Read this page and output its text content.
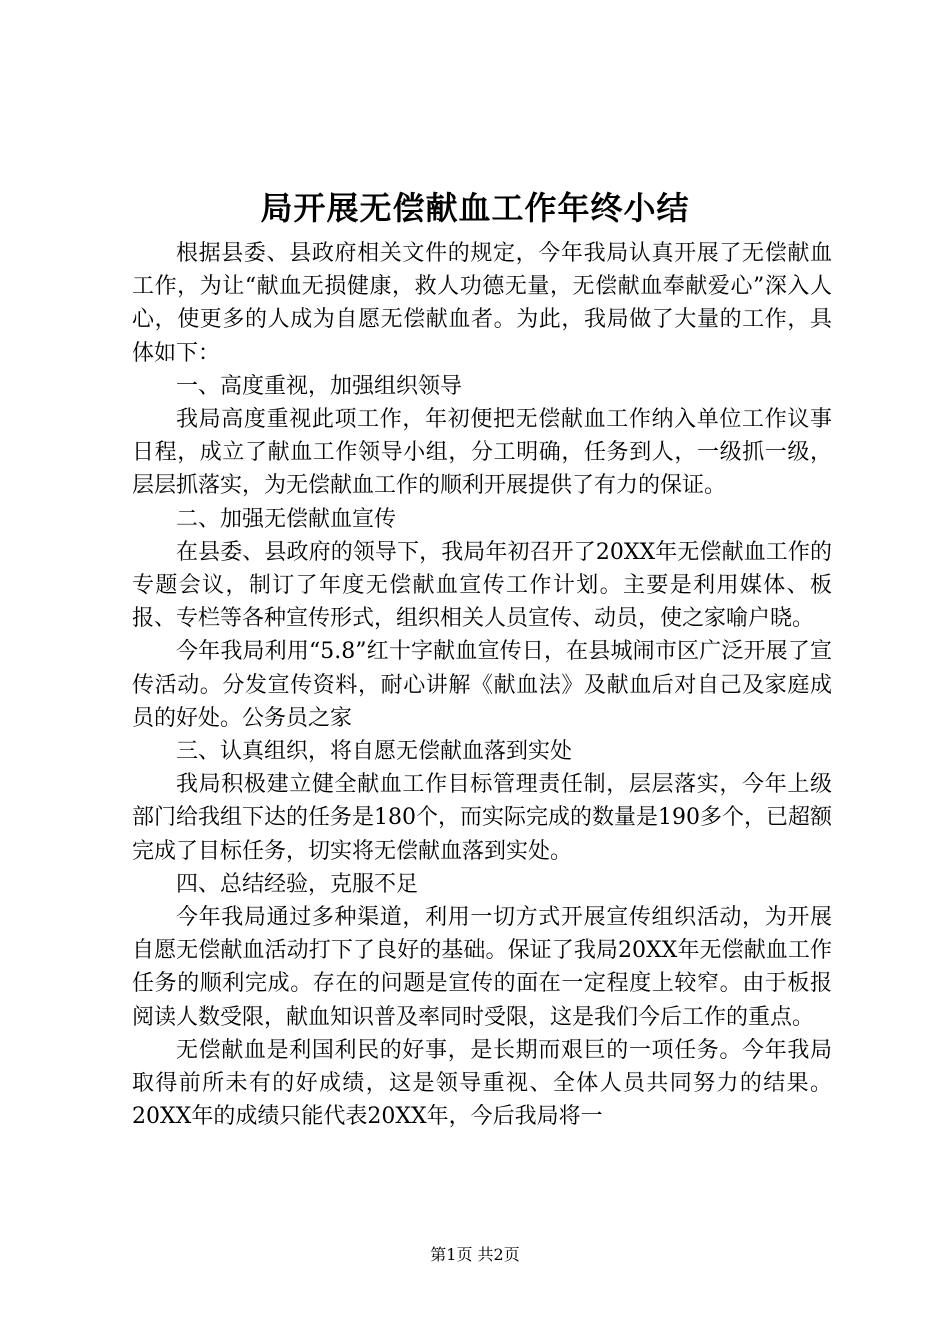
局开展无偿献血工作年终小结

根据县委、县政府相关文件的规定，今年我局认真开展了无偿献血工作，为让“献血无损健康，救人功德无量，无偿献血奉献爱心”深入人心，使更多的人成为自愿无偿献血者。为此，我局做了大量的工作，具体如下：

一、高度重视，加强组织领导

我局高度重视此项工作，年初便把无偿献血工作纳入单位工作议事日程，成立了献血工作领导小组，分工明确，任务到人，一级抓一级，层层抓落实，为无偿献血工作的顺利开展提供了有力的保证。

二、加强无偿献血宣传

在县委、县政府的领导下，我局年初召开了20XX年无偿献血工作的专题会议，制订了年度无偿献血宣传工作计划。主要是利用媒体、板报、专栏等各种宣传形式，组织相关人员宣传、动员，使之家喻户晓。

今年我局利用“5.8”红十字献血宣传日，在县城闹市区广泛开展了宣传活动。分发宣传资料，耐心讲解《献血法》及献血后对自己及家庭成员的好处。公务员之家

三、认真组织，将自愿无偿献血落到实处

我局积极建立健全献血工作目标管理责任制，层层落实，今年上级部门给我组下达的任务是180个，而实际完成的数量是190多个，已超额完成了目标任务，切实将无偿献血落到实处。

四、总结经验，克服不足

今年我局通过多种渠道，利用一切方式开展宣传组织活动，为开展自愿无偿献血活动打下了良好的基础。保证了我局20XX年无偿献血工作任务的顺利完成。存在的问题是宣传的面在一定程度上较窄。由于板报阅读人数受限，献血知识普及率同时受限，这是我们今后工作的重点。

无偿献血是利国利民的好事，是长期而艰巨的一项任务。今年我局取得前所未有的好成绩，这是领导重视、全体人员共同努力的结果。20XX年的成绩只能代表20XX年，今后我局将一

第1页 共2页
